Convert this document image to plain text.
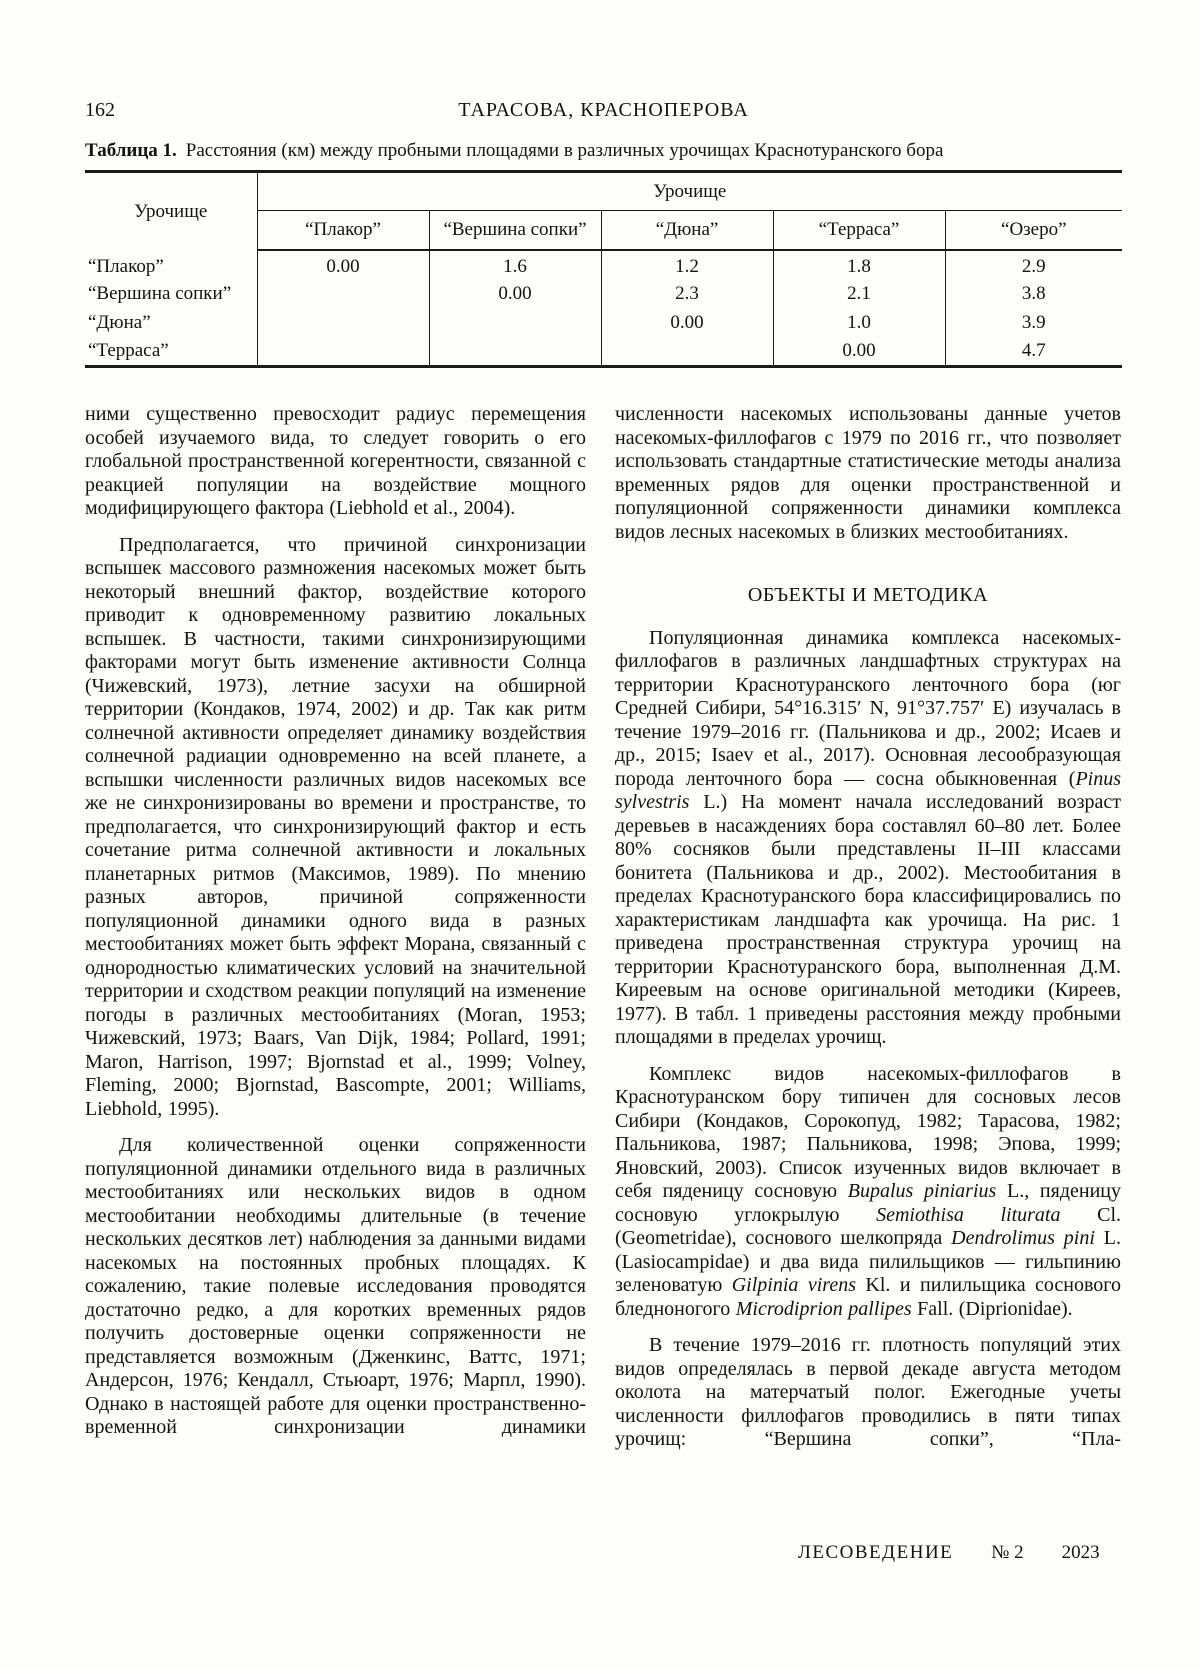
162	ТАРАСОВА, КРАСНОПЕРОВА
Таблица 1. Расстояния (км) между пробными площадями в различных урочищах Краснотуранского бора
Урочище	Урочище				
	“Плакор”	“Вершина сопки”	“Дюна”	“Терраса”	“Озеро”
“Плакор”	0.00	1.6	1.2	1.8	2.9
“Вершина сопки”		0.00	2.3	2.1	3.8
“Дюна”			0.00	1.0	3.9
“Терраса”				0.00	4.7

ними существенно превосходит радиус перемещения особей изучаемого вида, то следует говорить о его глобальной пространственной когерентности, связанной с реакцией популяции на воздействие мощного модифицирующего фактора (Liebhold et al., 2004).

Предполагается, что причиной синхронизации вспышек массового размножения насекомых может быть некоторый внешний фактор, воздействие которого приводит к одновременному развитию локальных вспышек. В частности, такими синхронизирующими факторами могут быть изменение активности Солнца (Чижевский, 1973), летние засухи на обширной территории (Кондаков, 1974, 2002) и др. Так как ритм солнечной активности определяет динамику воздействия солнечной радиации одновременно на всей планете, а вспышки численности различных видов насекомых все же не синхронизированы во времени и пространстве, то предполагается, что синхронизирующий фактор и есть сочетание ритма солнечной активности и локальных планетарных ритмов (Максимов, 1989). По мнению разных авторов, причиной сопряженности популяционной динамики одного вида в разных местообитаниях может быть эффект Морана, связанный с однородностью климатических условий на значительной территории и сходством реакции популяций на изменение погоды в различных местообитаниях (Moran, 1953; Чижевский, 1973; Baars, Van Dijk, 1984; Pollard, 1991; Maron, Harrison, 1997; Bjornstad et al., 1999; Volney, Fleming, 2000; Bjornstad, Bascompte, 2001; Williams, Liebhold, 1995).

Для количественной оценки сопряженности популяционной динамики отдельного вида в различных местообитаниях или нескольких видов в одном местообитании необходимы длительные (в течение нескольких десятков лет) наблюдения за данными видами насекомых на постоянных пробных площадях. К сожалению, такие полевые исследования проводятся достаточно редко, а для коротких временных рядов получить достоверные оценки сопряженности не представляется возможным (Дженкинс, Ваттс, 1971; Андерсон, 1976; Кендалл, Стьюарт, 1976; Марпл, 1990). Однако в настоящей работе для оценки пространственно-временной синхронизации динамики

численности насекомых использованы данные учетов насекомых-филлофагов с 1979 по 2016 гг., что позволяет использовать стандартные статистические методы анализа временных рядов для оценки пространственной и популяционной сопряженности динамики комплекса видов лесных насекомых в близких местообитаниях.

ОБЪЕКТЫ И МЕТОДИКА

Популяционная динамика комплекса насекомых-филлофагов в различных ландшафтных структурах на территории Краснотуранского ленточного бора (юг Средней Сибири, 54°16.315′ N, 91°37.757′ E) изучалась в течение 1979–2016 гг. (Пальникова и др., 2002; Исаев и др., 2015; Isaev et al., 2017). Основная лесообразующая порода ленточного бора — сосна обыкновенная (Pinus sylvestris L.) На момент начала исследований возраст деревьев в насаждениях бора составлял 60–80 лет. Более 80% сосняков были представлены II–III классами бонитета (Пальникова и др., 2002). Местообитания в пределах Краснотуранского бора классифицировались по характеристикам ландшафта как урочища. На рис. 1 приведена пространственная структура урочищ на территории Краснотуранского бора, выполненная Д.М. Киреевым на основе оригинальной методики (Киреев, 1977). В табл. 1 приведены расстояния между пробными площадями в пределах урочищ.

Комплекс видов насекомых-филлофагов в Краснотуранском бору типичен для сосновых лесов Сибири (Кондаков, Сорокопуд, 1982; Тарасова, 1982; Пальникова, 1987; Пальникова, 1998; Эпова, 1999; Яновский, 2003). Список изученных видов включает в себя пяденицу сосновую Bupalus piniarius L., пяденицу сосновую углокрылую Semiothisa liturata Cl. (Geometridae), соснового шелкопряда Dendrolimus pini L. (Lasiocampidae) и два вида пилильщиков — гильпинию зеленоватую Gilpinia virens Kl. и пилильщика соснового бледноногого Microdiprion pallipes Fall. (Diprionidae).

В течение 1979–2016 гг. плотность популяций этих видов определялась в первой декаде августа методом околота на матерчатый полог. Ежегодные учеты численности филлофагов проводились в пяти типах урочищ: “Вершина сопки”, “Пла-

ЛЕСОВЕДЕНИЕ № 2 2023
